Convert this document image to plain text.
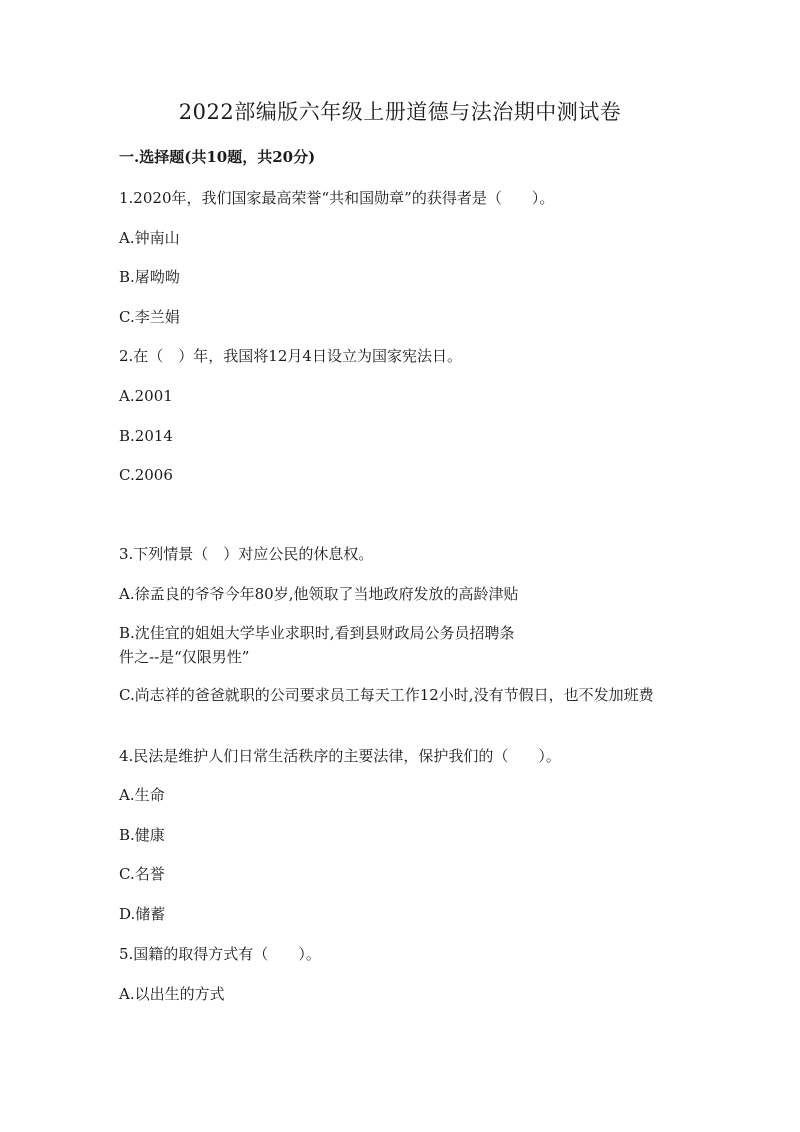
2022部编版六年级上册道德与法治期中测试卷
一.选择题(共10题，共20分)
1.2020年，我们国家最高荣誉“共和国勋章”的获得者是（　　）。
A.钟南山
B.屠呦呦
C.李兰娟
2.在（　）年，我国将12月4日设立为国家宪法日。
A.2001
B.2014
C.2006
3.下列情景（　）对应公民的休息权。
A.徐孟良的爷爷今年80岁,他领取了当地政府发放的高龄津贴
B.沈佳宜的姐姐大学毕业求职时,看到县财政局公务员招聘条件之--是“仅限男性”
C.尚志祥的爸爸就职的公司要求员工每天工作12小时,没有节假日，也不发加班费
4.民法是维护人们日常生活秩序的主要法律，保护我们的（　　）。
A.生命
B.健康
C.名誉
D.储蓄
5.国籍的取得方式有（　　）。
A.以出生的方式
